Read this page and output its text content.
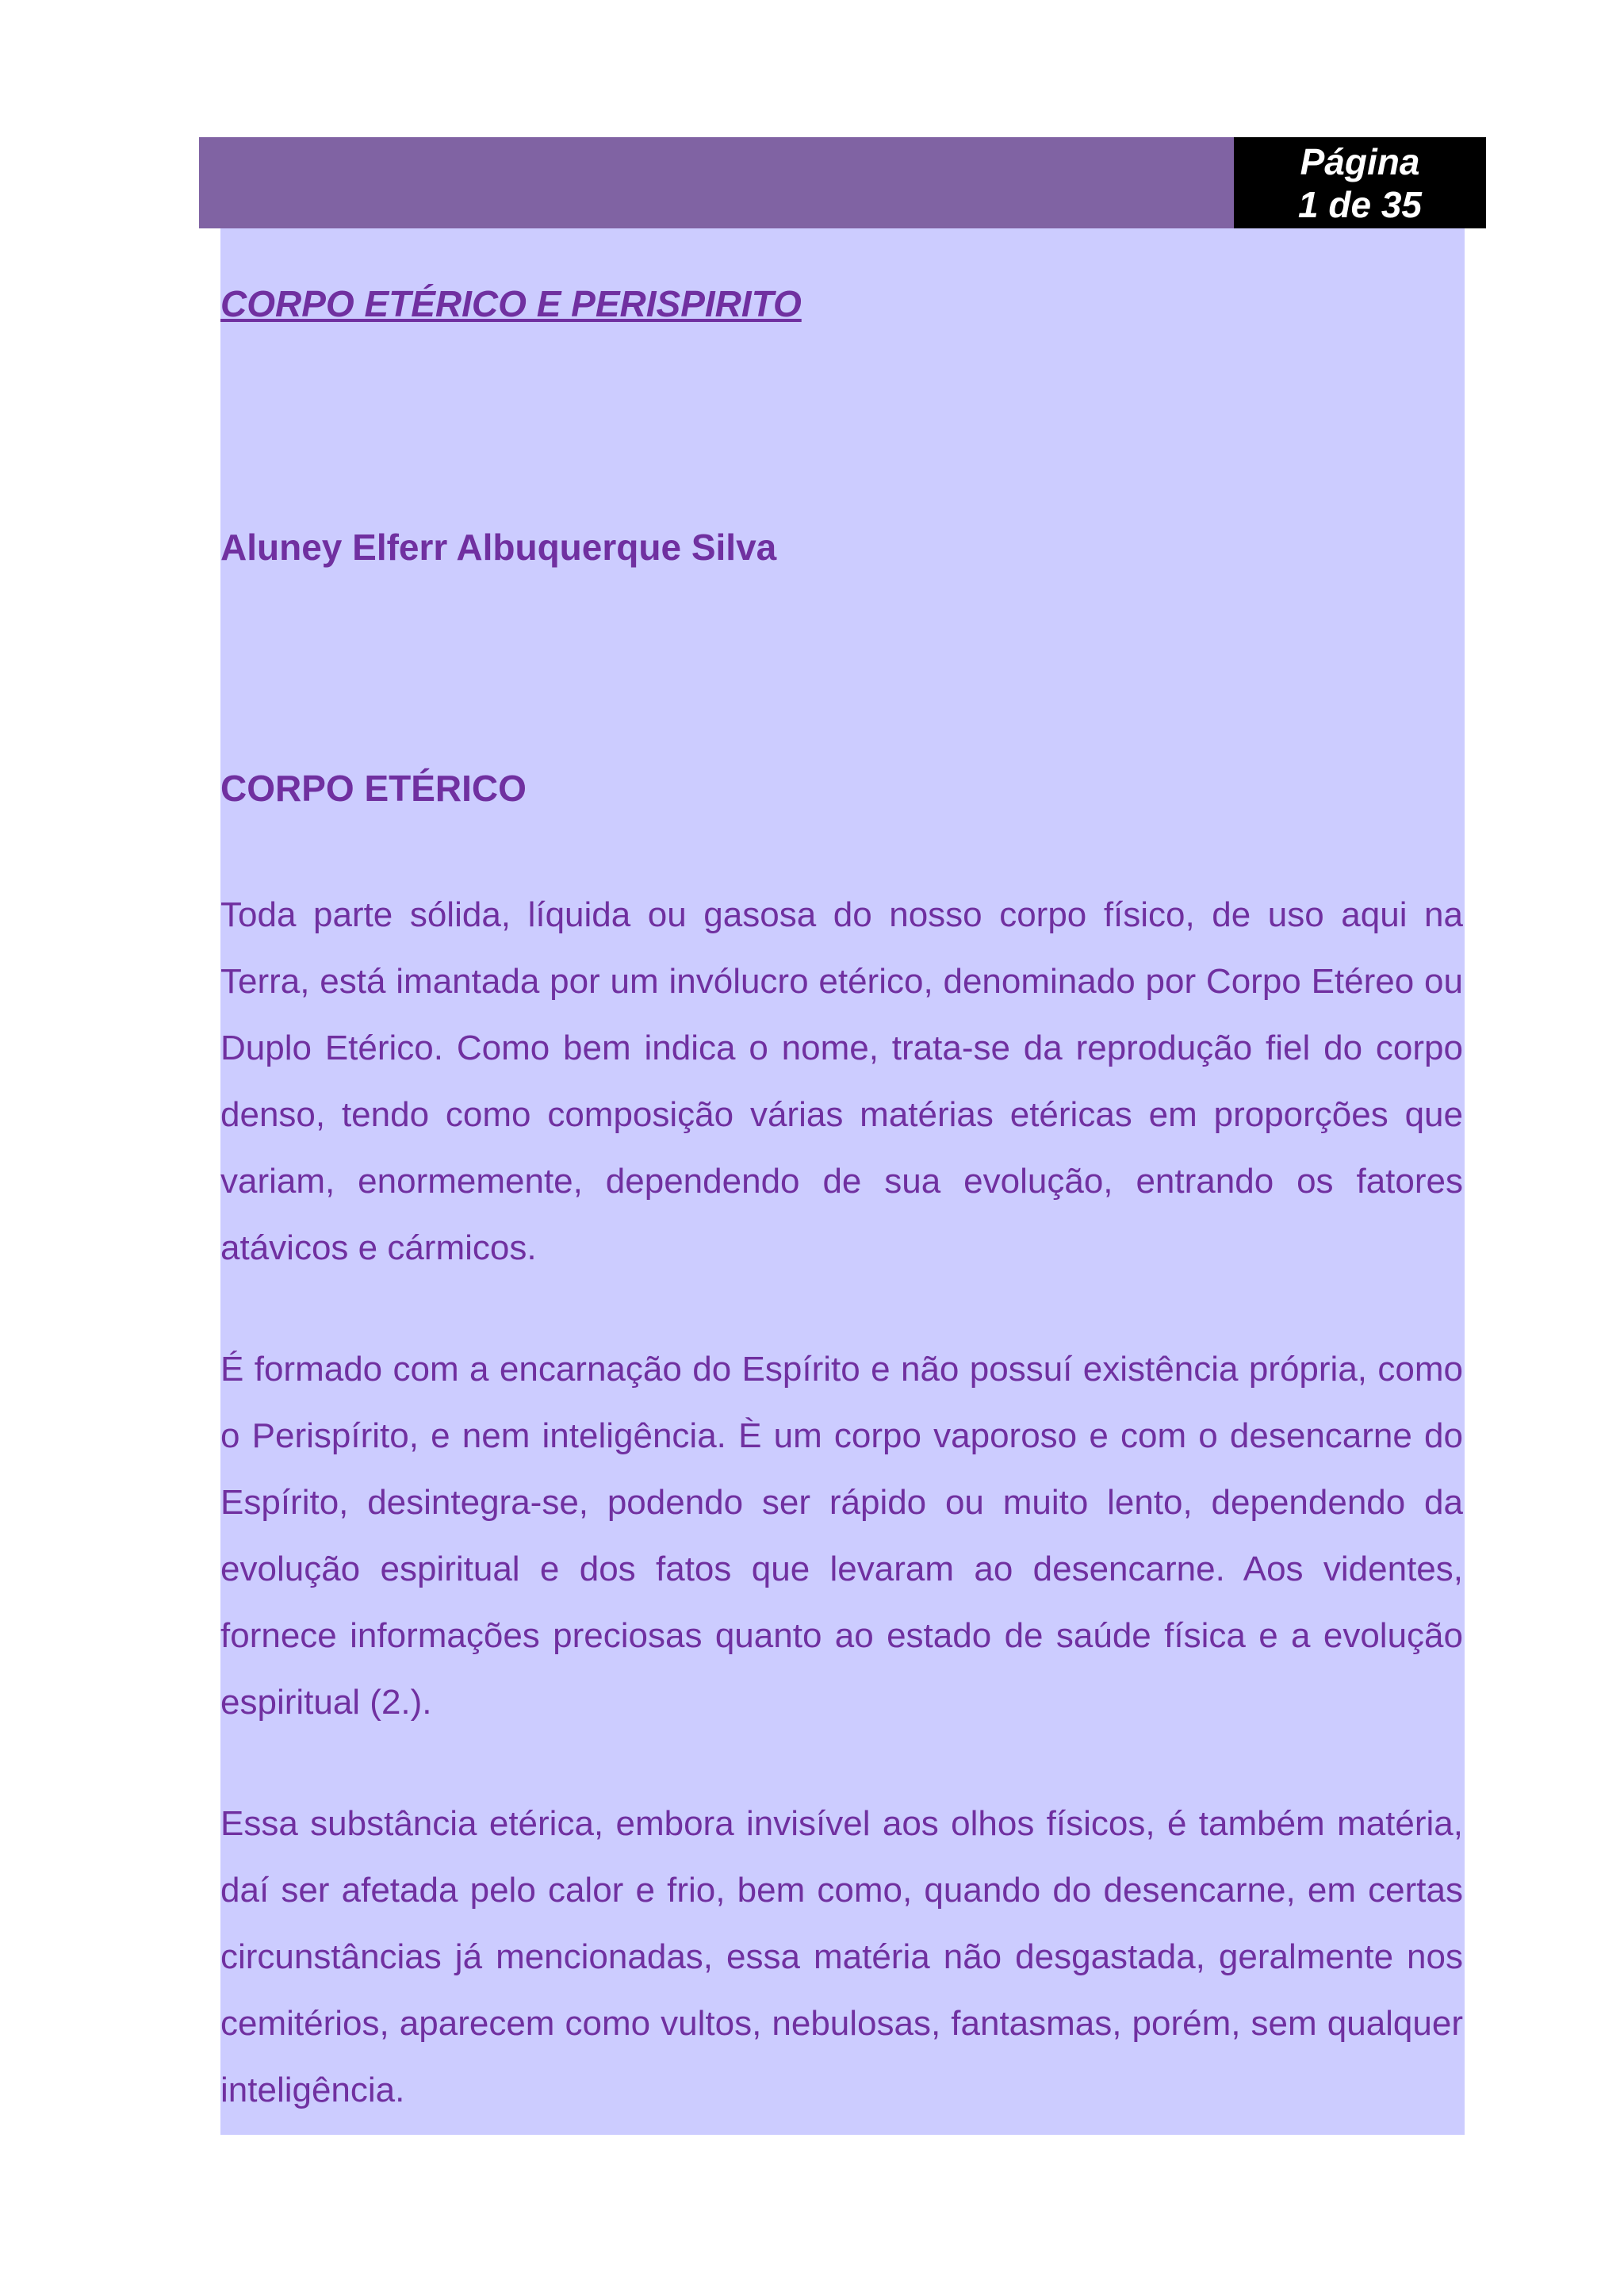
Página
1 de 35
CORPO ETÉRICO E PERISPIRITO

Aluney Elferr Albuquerque Silva

CORPO ETÉRICO

Toda parte sólida, líquida ou gasosa do nosso corpo físico, de uso aqui na Terra, está imantada por um invólucro etérico, denominado por Corpo Etéreo ou Duplo Etérico. Como bem indica o nome, trata-se da reprodução fiel do corpo denso, tendo como composição várias matérias etéricas em proporções que variam, enormemente, dependendo de sua evolução, entrando os fatores atávicos e cármicos.

É formado com a encarnação do Espírito e não possuí existência própria, como o Perispírito, e nem inteligência. È um corpo vaporoso e com o desencarne do Espírito, desintegra-se, podendo ser rápido ou muito lento, dependendo da evolução espiritual e dos fatos que levaram ao desencarne. Aos videntes, fornece informações preciosas quanto ao estado de saúde física e a evolução espiritual (2.).

Essa substância etérica, embora invisível aos olhos físicos, é também matéria, daí ser afetada pelo calor e frio, bem como, quando do desencarne, em certas circunstâncias já mencionadas, essa matéria não desgastada, geralmente nos cemitérios, aparecem como vultos, nebulosas, fantasmas, porém, sem qualquer inteligência.
